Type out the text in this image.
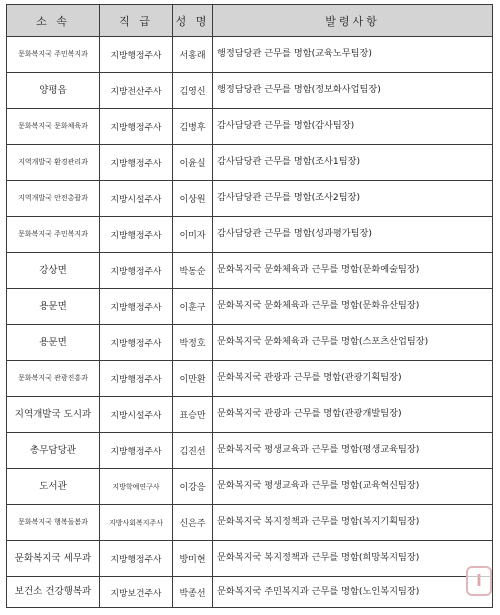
소 속	직 급	성 명	발령사항
문화복지국 주민복지과	지방행정주사	서홍래	행정담당관 근무를 명함(교육노무팀장)
양평읍	지방전산주사	김영신	행정담당관 근무를 명함(정보화사업팀장)
문화복지국 문화체육과	지방행정주사	김병후	감사담당관 근무를 명함(감사팀장)
지역개발국 환경관리과	지방행정주사	이윤실	감사담당관 근무를 명함(조사1팀장)
지역개발국 안전총괄과	지방시설주사	이상원	감사담당관 근무를 명함(조사2팀장)
문화복지국 주민복지과	지방행정주사	이미자	감사담당관 근무를 명함(성과평가팀장)
강상면	지방행정주사	박동순	문화복지국 문화체육과 근무를 명함(문화예술팀장)
용문면	지방행정주사	이훈구	문화복지국 문화체육과 근무를 명함(문화유산팀장)
용문면	지방행정주사	박정호	문화복지국 문화체육과 근무를 명함(스포츠산업팀장)
문화복지국 관광진흥과	지방행정주사	이만환	문화복지국 관광과 근무를 명함(관광기획팀장)
지역개발국 도시과	지방시설주사	표승만	문화복지국 관광과 근무를 명함(관광개발팀장)
총무담당관	지방행정주사	김진선	문화복지국 평생교육과 근무를 명함(평생교육팀장)
도서관	지방학예연구사	이강응	문화복지국 평생교육과 근무를 명함(교육혁신팀장)
문화복지국 행복돌봄과	지방사회복지주사	신은주	문화복지국 복지정책과 근무를 명함(복지기획팀장)
문화복지국 세무과	지방행정주사	방미현	문화복지국 복지정책과 근무를 명함(희망복지팀장)
보건소 건강행복과	지방보건주사	박종선	문화복지국 주민복지과 근무를 명함(노인복지팀장)
i
